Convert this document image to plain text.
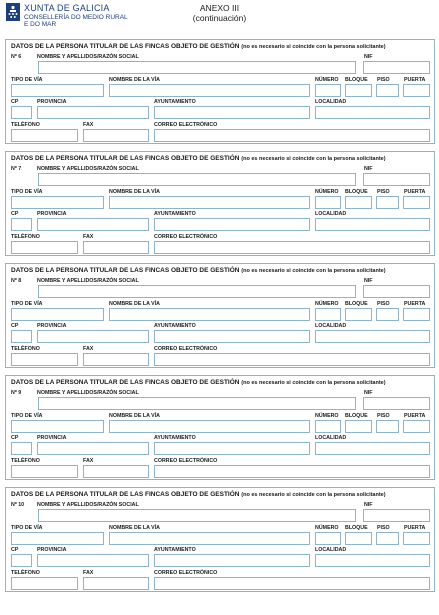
XUNTA DE GALICIA
CONSELLERÍA DO MEDIO RURAL
E DO MAR
ANEXO III
(continuación)
DATOS DE LA PERSONA TITULAR DE LAS FINCAS OBJETO DE GESTIÓN (no es necesario si coincide con la persona solicitante)
Nº 6	NOMBRE Y APELLIDOS/RAZÓN SOCIAL	NIF
TIPO DE VÍA	NOMBRE DE LA VÍA	NÚMERO BLOQUE PISO	PUERTA
CP	PROVINCIA	AYUNTAMIENTO	LOCALIDAD
TELÉFONO	FAX	CORREO ELECTRÓNICO
DATOS DE LA PERSONA TITULAR DE LAS FINCAS OBJETO DE GESTIÓN (no es necesario si coincide con la persona solicitante)
Nº 7	NOMBRE Y APELLIDOS/RAZÓN SOCIAL	NIF
TIPO DE VÍA	NOMBRE DE LA VÍA	NÚMERO BLOQUE PISO	PUERTA
CP	PROVINCIA	AYUNTAMIENTO	LOCALIDAD
TELÉFONO	FAX	CORREO ELECTRÓNICO
DATOS DE LA PERSONA TITULAR DE LAS FINCAS OBJETO DE GESTIÓN (no es necesario si coincide con la persona solicitante)
Nº 8	NOMBRE Y APELLIDOS/RAZÓN SOCIAL	NIF
TIPO DE VÍA	NOMBRE DE LA VÍA	NÚMERO BLOQUE PISO	PUERTA
CP	PROVINCIA	AYUNTAMIENTO	LOCALIDAD
TELÉFONO	FAX	CORREO ELECTRÓNICO
DATOS DE LA PERSONA TITULAR DE LAS FINCAS OBJETO DE GESTIÓN (no es necesario si coincide con la persona solicitante)
Nº 9	NOMBRE Y APELLIDOS/RAZÓN SOCIAL	NIF
TIPO DE VÍA	NOMBRE DE LA VÍA	NÚMERO BLOQUE PISO	PUERTA
CP	PROVINCIA	AYUNTAMIENTO	LOCALIDAD
TELÉFONO	FAX	CORREO ELECTRÓNICO
DATOS DE LA PERSONA TITULAR DE LAS FINCAS OBJETO DE GESTIÓN (no es necesario si coincide con la persona solicitante)
Nº 10 NOMBRE Y APELLIDOS/RAZÓN SOCIAL	NIF
TIPO DE VÍA	NOMBRE DE LA VÍA	NÚMERO BLOQUE PISO	PUERTA
CP	PROVINCIA	AYUNTAMIENTO	LOCALIDAD
TELÉFONO	FAX	CORREO ELECTRÓNICO
